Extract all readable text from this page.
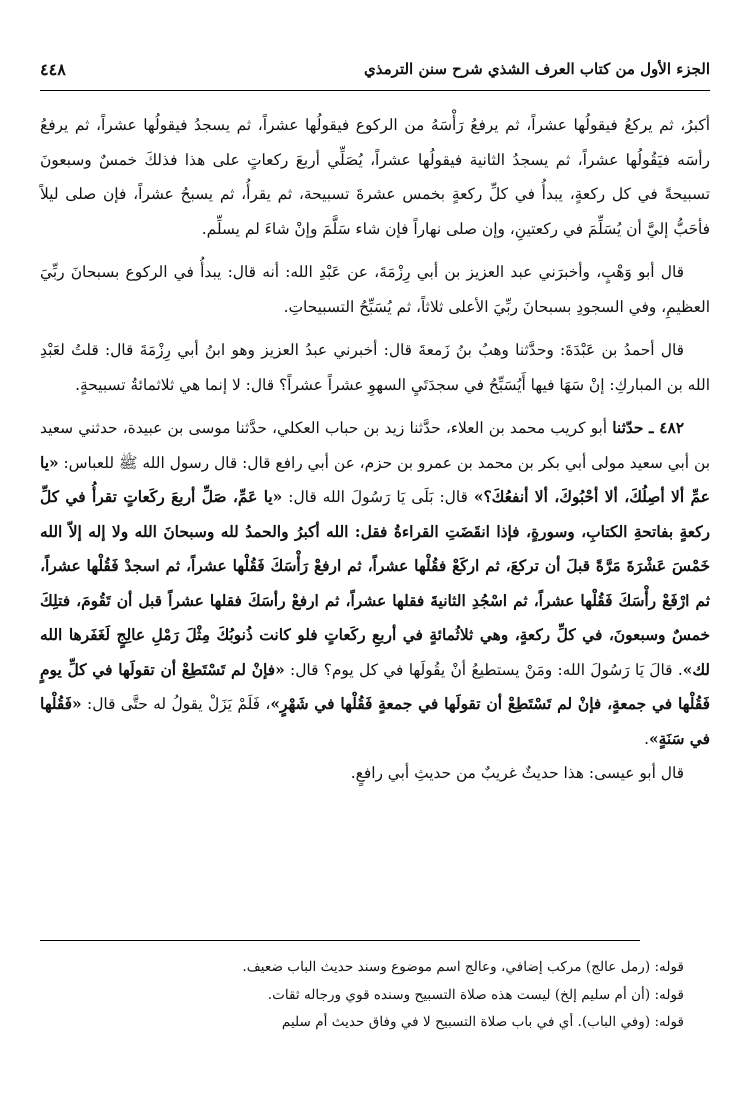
الجزء الأول من كتاب العرف الشذي شرح سنن الترمذي
٤٤٨

أكبرُ، ثم يركعُ فيقولُها عشراً، ثم يرفعُ رَأْسَهُ من الركوع فيقولُها عشراً، ثم يسجدُ فيقولُها عشراً، ثم يرفعُ رأسَه فيَقُولُها عشراً، ثم يسجدُ الثانية فيقولُها عشراً، يُصَلِّي أربعَ ركعاتٍ على هذا فذلكَ خمسٌ وسبعونَ تسبيحةً في كل ركعةٍ، يبدأُ في كلِّ ركعةٍ بخمس عشرةَ تسبيحة، ثم يقرأُ، ثم يسبحُ عشراً، فإن صلى ليلاً فأحَبُّ إليَّ أن يُسَلِّمَ في ركعتينِ، وإن صلى نهاراً فإن شاء سَلَّمَ وإنْ شاءَ لم يسلِّم.

قال أبو وَهْبٍ، وأخبرَني عبد العزيز بن أبي رِزْمَةَ، عن عَبْدِ الله: أنه قال: يبدأُ في الركوع بسبحانَ ربِّيَ العظيمِ، وفي السجودِ بسبحانَ ربِّيَ الأعلى ثلاثاً، ثم يُسَبِّحُ التسبيحاتِ.

قال أحمدُ بن عَبْدَةَ: وحدَّثنا وهبُ بنُ زَمعةَ قال: أخبرني عبدُ العزيز وهو ابنُ أبي رِزْمَةَ قال: قلتُ لعَبْدِ الله بن المباركِ: إنْ سَهَا فيها أَيُسَبِّحُ في سجدَتَيِ السهوِ عشراً عشراً؟ قال: لا إنما هي ثلاثمائةُ تسبيحةٍ.

٤٨٢ ـ حدّثنا أبو كريب محمد بن العلاء، حدَّثنا زيد بن حباب العكلي، حدَّثنا موسى بن عبيدة، حدثني سعيد بن أبي سعيد مولى أبي بكر بن محمد بن عمرو بن حزم، عن أبي رافع قال: قال رسول الله ﷺ للعباس: «يا عمِّ ألا أصِلُكَ، ألا أحْبُوكَ، ألا أنفعُكَ؟» قال: بَلَى يَا رَسُولَ الله قال: «يا عَمِّ، صَلِّ أربعَ ركَعاتٍ تقرأُ في كلِّ ركعةٍ بفاتحةِ الكتابِ، وسورةٍ، فإذا انقَضَتِ القراءةُ فقل: الله أكبرُ والحمدُ لله وسبحانَ الله ولا إله إلاّ الله خَمْسَ عَشْرَةَ مَرَّةً قبلَ أن تركعَ، ثم اركَعْ فقُلْها عشراً، ثم ارفعْ رَأْسَكَ فَقُلْها عشراً، ثم اسجدْ فَقُلْها عشراً، ثم ارْفَعْ رأْسَكَ فَقُلْها عشراً، ثم اسْجُدِ الثانيةَ فقلها عشراً، ثم ارفعْ رأسَكَ فقلها عشراً قبل أن تَقُومَ، فتلِكَ خمسٌ وسبعونَ، في كلِّ ركعةٍ، وهي ثلاثُمائةٍ في أربعِ ركَعاتٍ فلو كانت ذُنوبُكَ مِثْلَ رَمْلِ عالِجٍ لَغَفَرها الله لك». قالَ يَا رَسُولَ الله: ومَنْ يستطيعُ أنْ يقُولَها في كل يوم؟ قال: «فإنْ لم تَسْتَطِعْ أن تقولَها في كلِّ يومٍ فَقُلْها في جمعةٍ، فإنْ لم تَسْتَطِعْ أن تقولَها في جمعةٍ فَقُلْها في شَهْرٍ»، فَلَمْ يَزَلْ يقولُ له حتَّى قال: «فَقُلْها في سَنَةٍ».

قال أبو عيسى: هذا حديثٌ غريبٌ من حديثِ أبي رافعٍ.

قوله: (رمل عالج) مركب إضافي، وعالج اسم موضوع وسند حديث الباب ضعيف.

قوله: (أن أم سليم إلخ) ليست هذه صلاة التسبيح وسنده قوي ورجاله ثقات.

قوله: (وفي الباب). أي في باب صلاة التسبيح لا في وفاق حديث أم سليم
